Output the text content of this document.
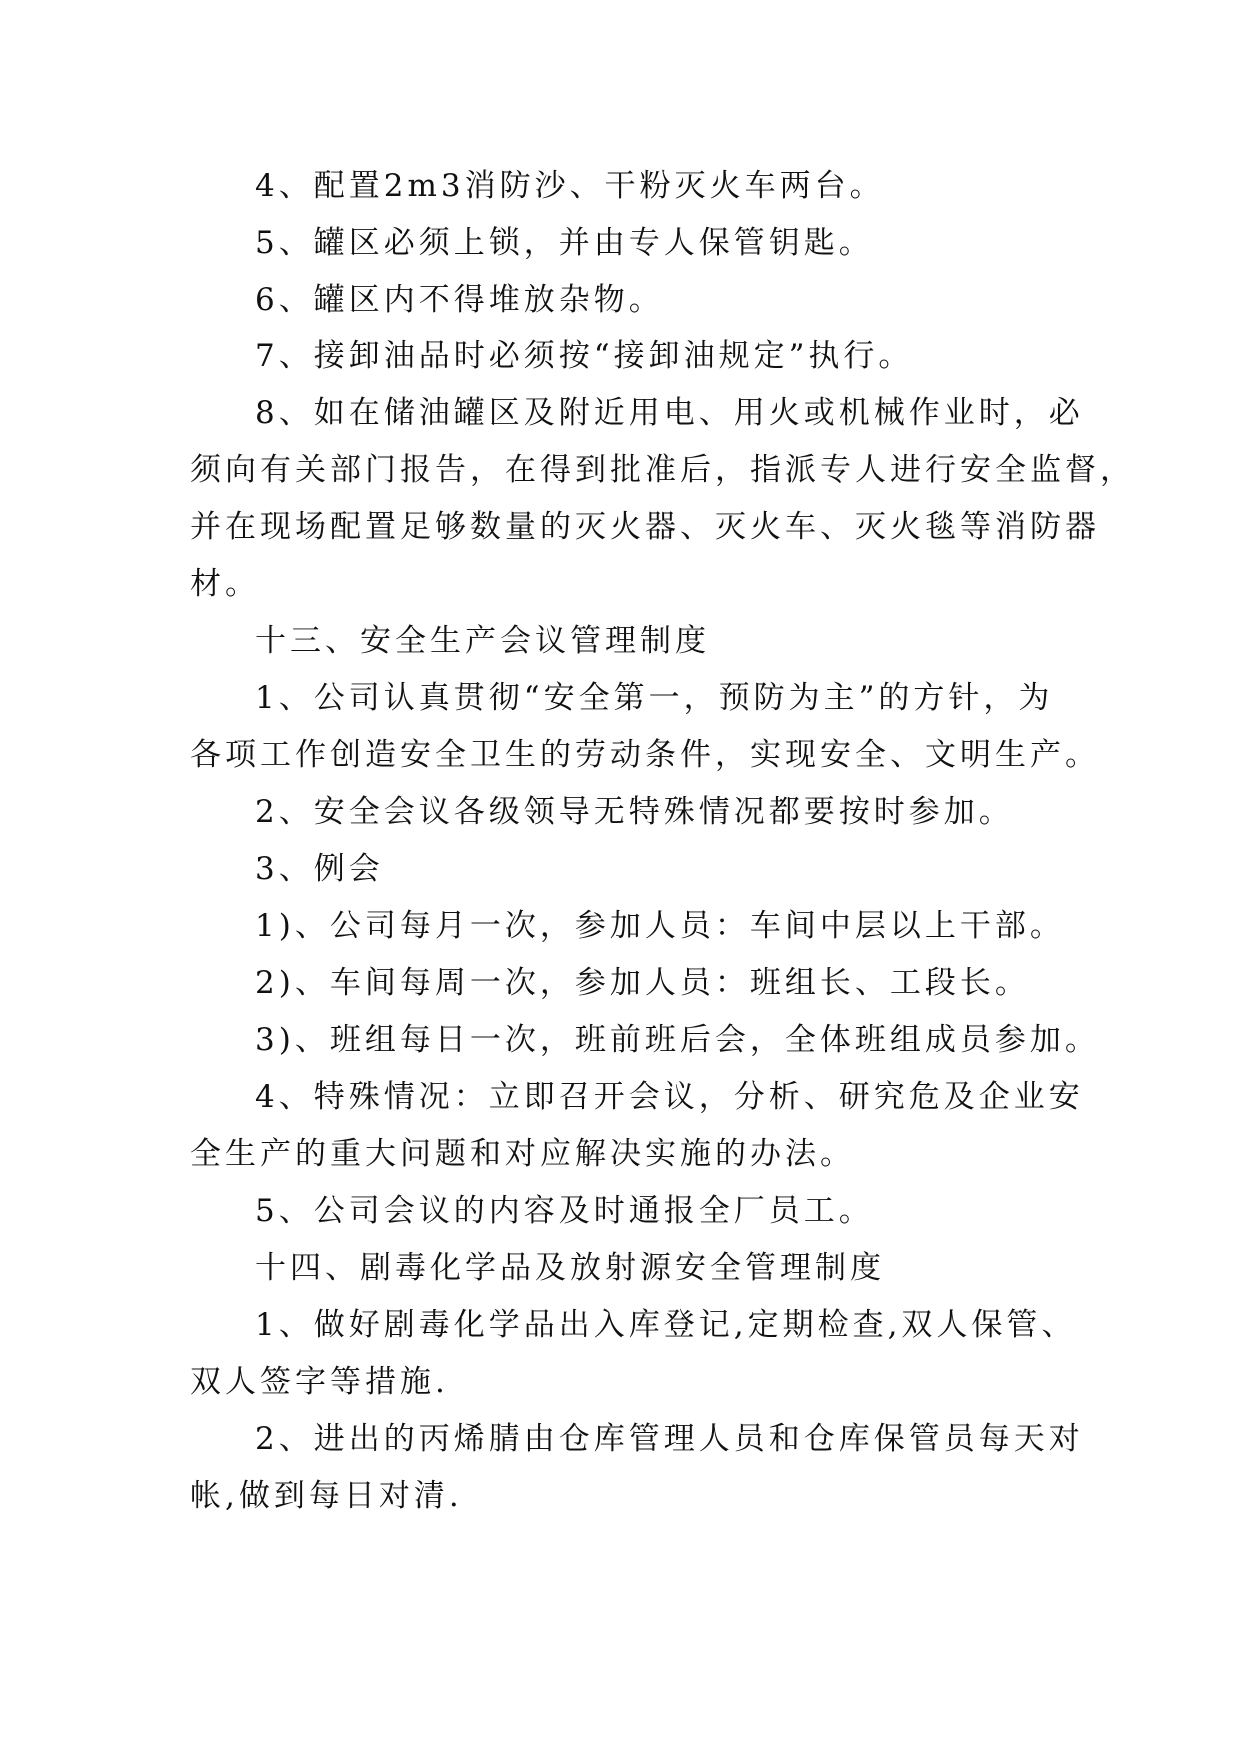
4、配置2m3消防沙、干粉灭火车两台。
5、罐区必须上锁，并由专人保管钥匙。
6、罐区内不得堆放杂物。
7、接卸油品时必须按“接卸油规定”执行。
8、如在储油罐区及附近用电、用火或机械作业时，必
须向有关部门报告，在得到批准后，指派专人进行安全监督，
并在现场配置足够数量的灭火器、灭火车、灭火毯等消防器
材。
十三、安全生产会议管理制度
1、公司认真贯彻“安全第一，预防为主”的方针，为
各项工作创造安全卫生的劳动条件，实现安全、文明生产。
2、安全会议各级领导无特殊情况都要按时参加。
3、例会
1)、公司每月一次，参加人员：车间中层以上干部。
2)、车间每周一次，参加人员：班组长、工段长。
3)、班组每日一次，班前班后会，全体班组成员参加。
4、特殊情况：立即召开会议，分析、研究危及企业安
全生产的重大问题和对应解决实施的办法。
5、公司会议的内容及时通报全厂员工。
十四、剧毒化学品及放射源安全管理制度
1、做好剧毒化学品出入库登记,定期检查,双人保管、
双人签字等措施.
2、进出的丙烯腈由仓库管理人员和仓库保管员每天对
帐,做到每日对清.
